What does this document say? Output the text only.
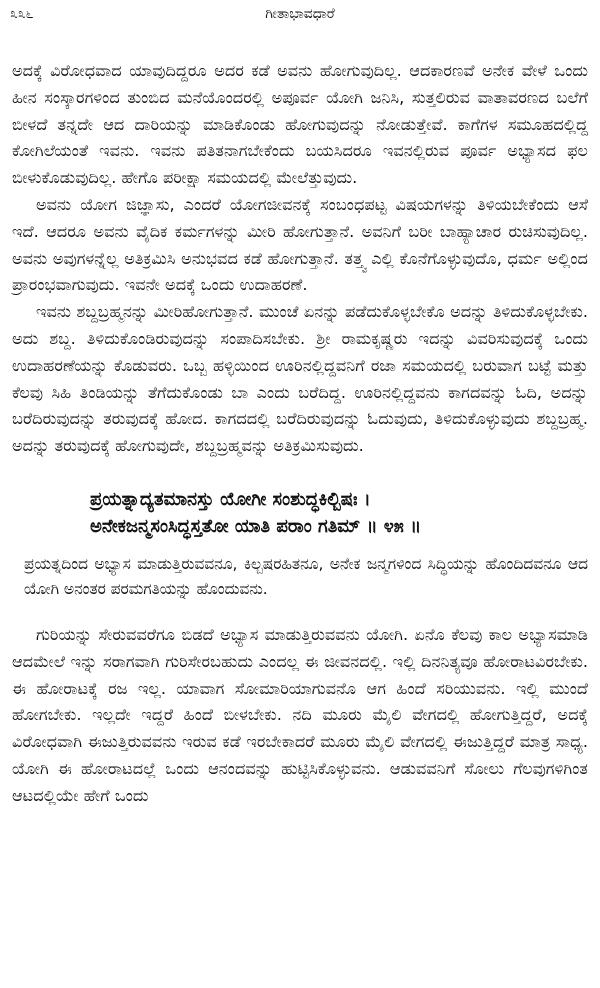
೩೩೬	ಗೀತಾಭಾವಧಾರೆ

ಅದಕ್ಕೆ ವಿರೋಧವಾದ ಯಾವುದಿದ್ದರೂ ಅದರ ಕಡೆ ಅವನು ಹೋಗುವುದಿಲ್ಲ. ಆದಕಾರಣವೆ ಅನೇಕ ವೇಳೆ ಒಂದು ಹೀನ ಸಂಸ್ಕಾರಗಳಿಂದ ತುಂಬಿದ ಮನೆಯೊಂದರಲ್ಲಿ ಅಪೂರ್ವ ಯೋಗಿ ಜನಿಸಿ, ಸುತ್ತಲಿರುವ ವಾತಾವರಣದ ಬಲೆಗೆ ಬೀಳದೆ ತನ್ನದೇ ಆದ ದಾರಿಯನ್ನು ಮಾಡಿಕೊಂಡು ಹೋಗುವುದನ್ನು ನೋಡುತ್ತೇವೆ. ಕಾಗೆಗಳ ಸಮೂಹದಲ್ಲಿದ್ದ ಕೋಗಿಲೆಯಂತೆ ಇವನು. ಇವನು ಪತಿತನಾಗಬೇಕೆಂದು ಬಯಸಿದರೂ ಇವನಲ್ಲಿರುವ ಪೂರ್ವ ಅಭ್ಯಾಸದ ಫಲ ಬೀಳುಕೊಡುವುದಿಲ್ಲ. ಹೇಗೊ ಪರೀಕ್ಷಾ ಸಮಯದಲ್ಲಿ ಮೇಲೆತ್ತುವುದು.

ಅವನು ಯೋಗ ಜಿಜ್ಞಾಸು, ಎಂದರೆ ಯೋಗಜೀವನಕ್ಕೆ ಸಂಬಂಧಪಟ್ಟ ವಿಷಯಗಳನ್ನು ತಿಳಿಯಬೇಕೆಂದು ಆಸೆ ಇದೆ. ಆದರೂ ಅವನು ವೈದಿಕ ಕರ್ಮಗಳನ್ನು ಮೀರಿ ಹೋಗುತ್ತಾನೆ. ಅವನಿಗೆ ಬರೀ ಬಾಹ್ಯಾಚಾರ ರುಚಿಸುವುದಿಲ್ಲ. ಅವನು ಅವುಗಳನ್ನೆಲ್ಲ ಅತಿಕ್ರಮಿಸಿ ಅನುಭವದ ಕಡೆ ಹೋಗುತ್ತಾನೆ. ತತ್ತ್ವ ಎಲ್ಲಿ ಕೊನೆಗೊಳ್ಳುವುದೊ, ಧರ್ಮ ಅಲ್ಲಿಂದ ಪ್ರಾರಂಭವಾಗುವುದು. ಇವನೇ ಅದಕ್ಕೆ ಒಂದು ಉದಾಹರಣೆ.

ಇವನು ಶಬ್ದಬ್ರಹ್ಮನನ್ನು ಮೀರಿಹೋಗುತ್ತಾನೆ. ಮುಂಚೆ ಏನನ್ನು ಪಡೆದುಕೊಳ್ಳಬೇಕೊ ಅದನ್ನು ತಿಳಿದುಕೊಳ್ಳಬೇಕು. ಅದು ಶಬ್ದ. ತಿಳಿದುಕೊಂಡಿರುವುದನ್ನು ಸಂಪಾದಿಸಬೇಕು. ಶ್ರೀ ರಾಮಕೃಷ್ಣರು ಇದನ್ನು ವಿವರಿಸುವುದಕ್ಕೆ ಒಂದು ಉದಾಹರಣೆಯನ್ನು ಕೊಡುವರು. ಒಬ್ಬ ಹಳ್ಳಿಯಿಂದ ಊರಿನಲ್ಲಿದ್ದವನಿಗೆ ರಜಾ ಸಮಯದಲ್ಲಿ ಬರುವಾಗ ಬಟ್ಟೆ ಮತ್ತು ಕೆಲವು ಸಿಹಿ ತಿಂಡಿಯನ್ನು ತೆಗೆದುಕೊಂಡು ಬಾ ಎಂದು ಬರೆದಿದ್ದ. ಊರಿನಲ್ಲಿದ್ದವನು ಕಾಗದವನ್ನು ಓದಿ, ಅದನ್ನು ಬರೆದಿರುವುದನ್ನು ತರುವುದಕ್ಕೆ ಹೋದ. ಕಾಗದದಲ್ಲಿ ಬರೆದಿರುವುದನ್ನು ಓದುವುದು, ತಿಳಿದುಕೊಳ್ಳುವುದು ಶಬ್ದಬ್ರಹ್ಮ. ಅದನ್ನು ತರುವುದಕ್ಕೆ ಹೋಗುವುದೇ, ಶಬ್ದಬ್ರಹ್ಮವನ್ನು ಅತಿಕ್ರಮಿಸುವುದು.

ಪ್ರಯತ್ನಾದ್ಯತಮಾನಸ್ತು ಯೋಗೀ ಸಂಶುದ್ಧಕಿಲ್ಬಿಷಃ ।
ಅನೇಕಜನ್ಮಸಂಸಿದ್ಧಸ್ತತೋ ಯಾತಿ ಪರಾಂ ಗತಿಮ್ ॥ ೪೫ ॥

ಪ್ರಯತ್ನದಿಂದ ಅಭ್ಯಾಸ ಮಾಡುತ್ತಿರುವವನೂ, ಕಿಲ್ಬಷರಹಿತನೂ, ಅನೇಕ ಜನ್ಮಗಳಿಂದ ಸಿದ್ಧಿಯನ್ನು ಹೊಂದಿದವನೂ ಆದ ಯೋಗಿ ಅನಂತರ ಪರಮಗತಿಯನ್ನು ಹೊಂದುವನು.

ಗುರಿಯನ್ನು ಸೇರುವವರೆಗೂ ಬಿಡದೆ ಅಭ್ಯಾಸ ಮಾಡುತ್ತಿರುವವನು ಯೋಗಿ. ಏನೊ ಕೆಲವು ಕಾಲ ಅಭ್ಯಾಸಮಾಡಿ ಆದಮೇಲೆ ಇನ್ನು ಸರಾಗವಾಗಿ ಗುರಿಸೇರಬಹುದು ಎಂದಲ್ಲ ಈ ಜೀವನದಲ್ಲಿ. ಇಲ್ಲಿ ದಿನನಿತ್ಯವೂ ಹೋರಾಟವಿರಬೇಕು. ಈ ಹೋರಾಟಕ್ಕೆ ರಜ ಇಲ್ಲ. ಯಾವಾಗ ಸೋಮಾರಿಯಾಗುವನೊ ಆಗ ಹಿಂದೆ ಸರಿಯುವನು. ಇಲ್ಲಿ ಮುಂದೆ ಹೋಗಬೇಕು. ಇಲ್ಲದೇ ಇದ್ದರೆ ಹಿಂದೆ ಬೀಳಬೇಕು. ನದಿ ಮೂರು ಮೈಲಿ ವೇಗದಲ್ಲಿ ಹೋಗುತ್ತಿದ್ದರೆ, ಅದಕ್ಕೆ ವಿರೋಧವಾಗಿ ಈಜುತ್ತಿರುವವನು ಇರುವ ಕಡೆ ಇರಬೇಕಾದರೆ ಮೂರು ಮೈಲಿ ವೇಗದಲ್ಲಿ ಈಜುತ್ತಿದ್ದರೆ ಮಾತ್ರ ಸಾಧ್ಯ. ಯೋಗಿ ಈ ಹೋರಾಟದಲ್ಲೆ ಒಂದು ಆನಂದವನ್ನು ಹುಟ್ಟಿಸಿಕೊಳ್ಳುವನು. ಆಡುವವನಿಗೆ ಸೋಲು ಗೆಲವುಗಳಿಗಿಂತ ಆಟದಲ್ಲಿಯೇ ಹೇಗೆ ಒಂದು
